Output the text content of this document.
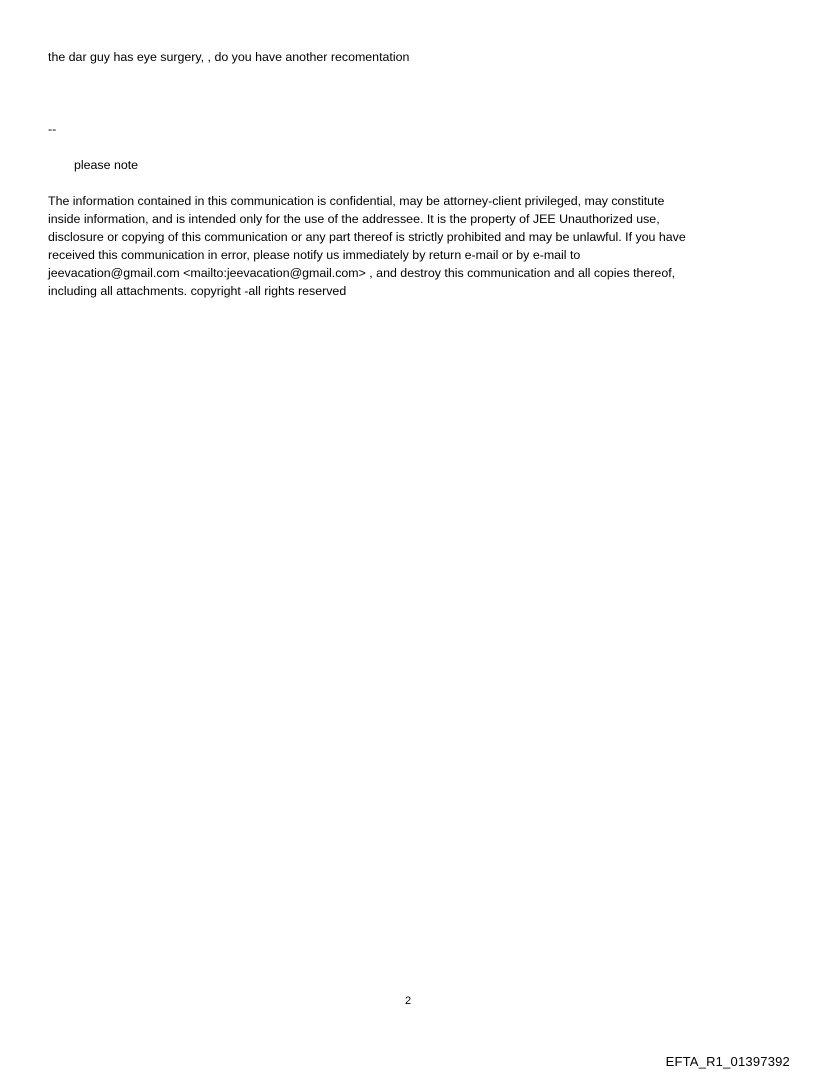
the dar guy has eye surgery, , do you have another recomentation
--
please note
The information contained in this communication is confidential, may be attorney-client privileged, may constitute
inside information, and is intended only for the use of the addressee. It is the property of JEE Unauthorized use,
disclosure or copying of this communication or any part thereof is strictly prohibited and may be unlawful. If you have
received this communication in error, please notify us immediately by return e-mail or by e-mail to
jeevacation@gmail.com <mailto:jeevacation@gmail.com> , and destroy this communication and all copies thereof,
including all attachments. copyright -all rights reserved
2
EFTA_R1_01397392
